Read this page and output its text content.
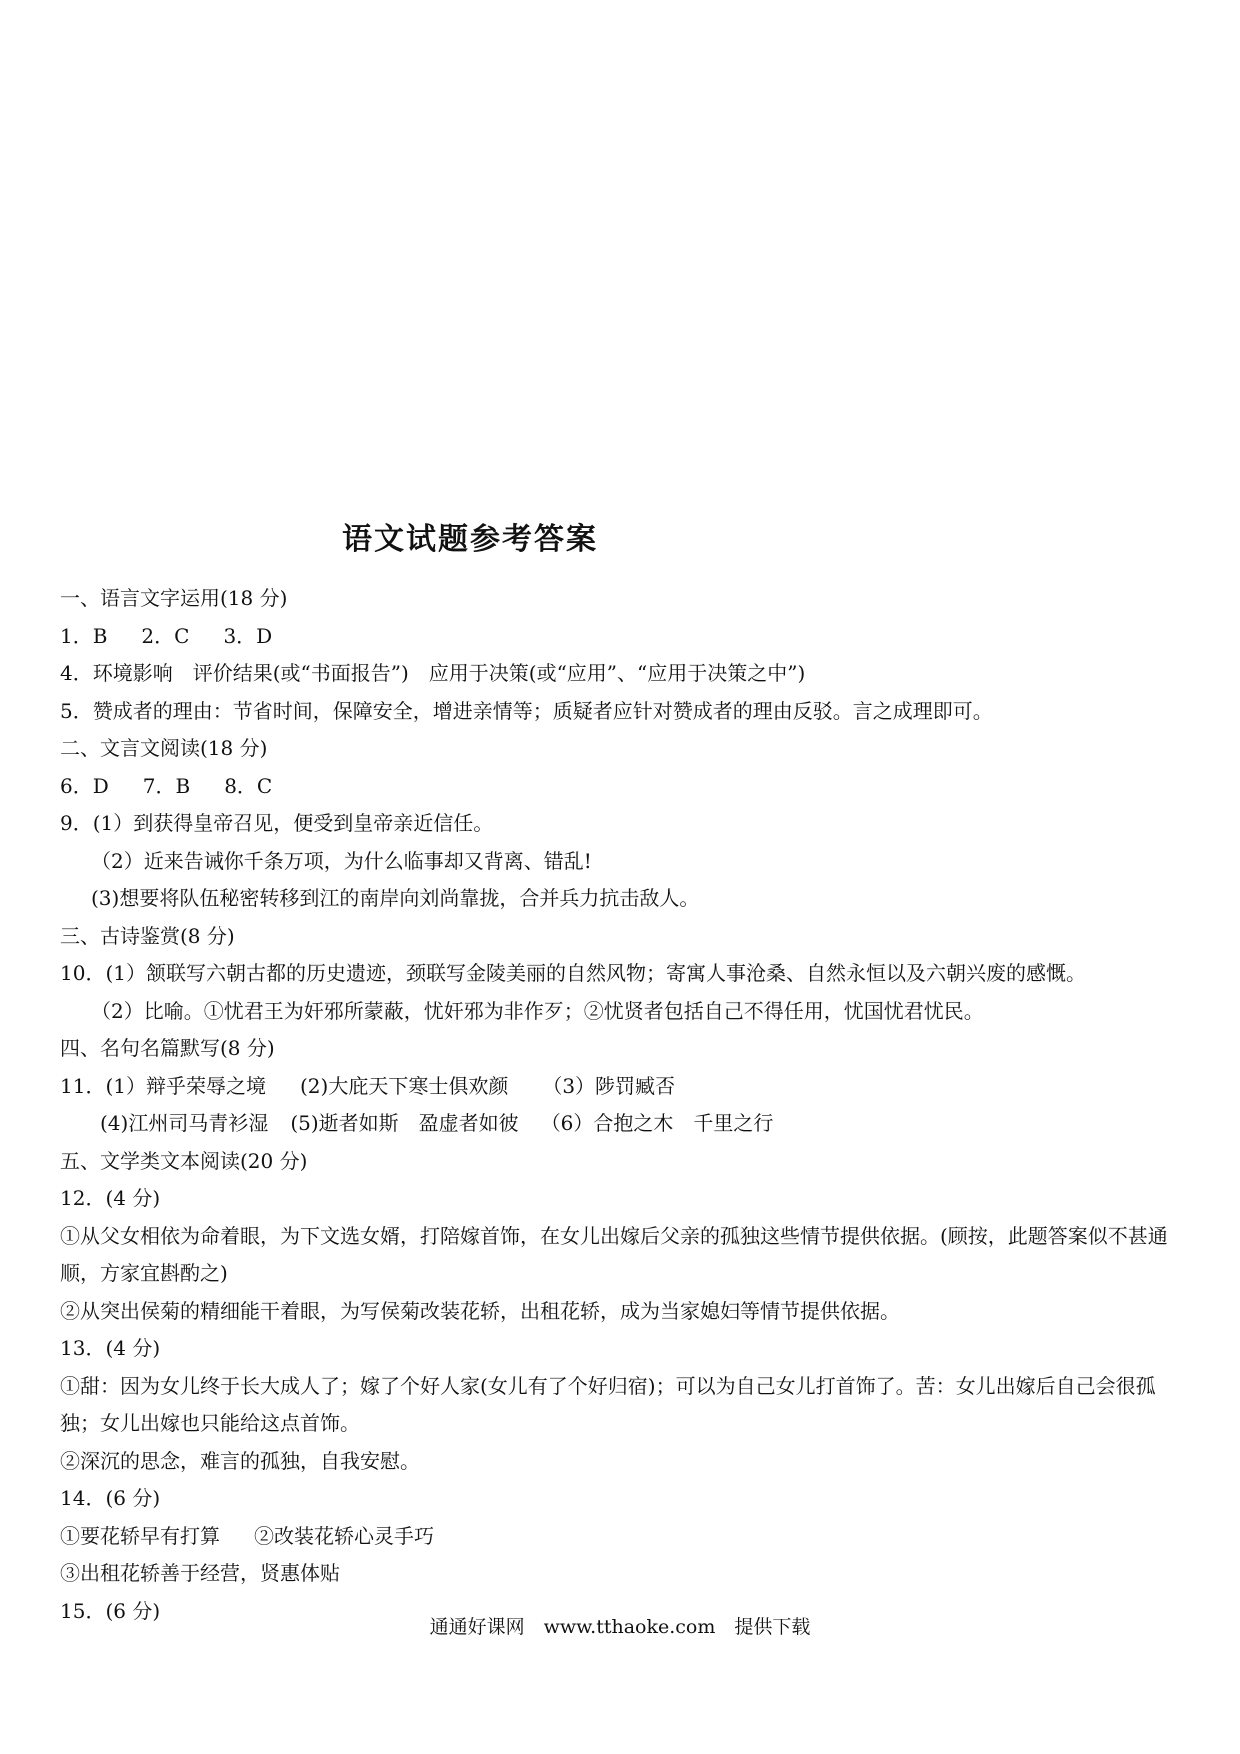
语文试题参考答案

一、语言文字运用(18 分)

1．B 2．C 3．D

4．环境影响　评价结果(或“书面报告”)　应用于决策(或“应用”、“应用于决策之中”)

5．赞成者的理由：节省时间，保障安全，增进亲情等；质疑者应针对赞成者的理由反驳。言之成理即可。

二、文言文阅读(18 分)

6．D 7．B 8．C

9．(1）到获得皇帝召见，便受到皇帝亲近信任。

（2）近来告诫你千条万项，为什么临事却又背离、错乱!

(3)想要将队伍秘密转移到江的南岸向刘尚靠拢，合并兵力抗击敌人。

三、古诗鉴赏(8 分)

10．(1）颔联写六朝古都的历史遗迹，颈联写金陵美丽的自然风物；寄寓人事沧桑、自然永恒以及六朝兴废的感慨。

（2）比喻。①忧君王为奸邪所蒙蔽，忧奸邪为非作歹；②忧贤者包括自己不得任用，忧国忧君忧民。

四、名句名篇默写(8 分)

11．(1）辩乎荣辱之境 (2)大庇天下寒士俱欢颜 （3）陟罚臧否

(4)江州司马青衫湿 (5)逝者如斯　盈虚者如彼 （6）合抱之木　千里之行

五、文学类文本阅读(20 分)

12．(4 分)

①从父女相依为命着眼，为下文选女婿，打陪嫁首饰，在女儿出嫁后父亲的孤独这些情节提供依据。(顾按，此题答案似不甚通顺，方家宜斟酌之)

②从突出侯菊的精细能干着眼，为写侯菊改装花轿，出租花轿，成为当家媳妇等情节提供依据。

13．(4 分)

①甜：因为女儿终于长大成人了；嫁了个好人家(女儿有了个好归宿)；可以为自己女儿打首饰了。苦：女儿出嫁后自己会很孤独；女儿出嫁也只能给这点首饰。

②深沉的思念，难言的孤独，自我安慰。

14．(6 分)

①要花轿早有打算 ②改装花轿心灵手巧

③出租花轿善于经营，贤惠体贴

15．(6 分)

通通好课网　www.tthaoke.com　提供下载
